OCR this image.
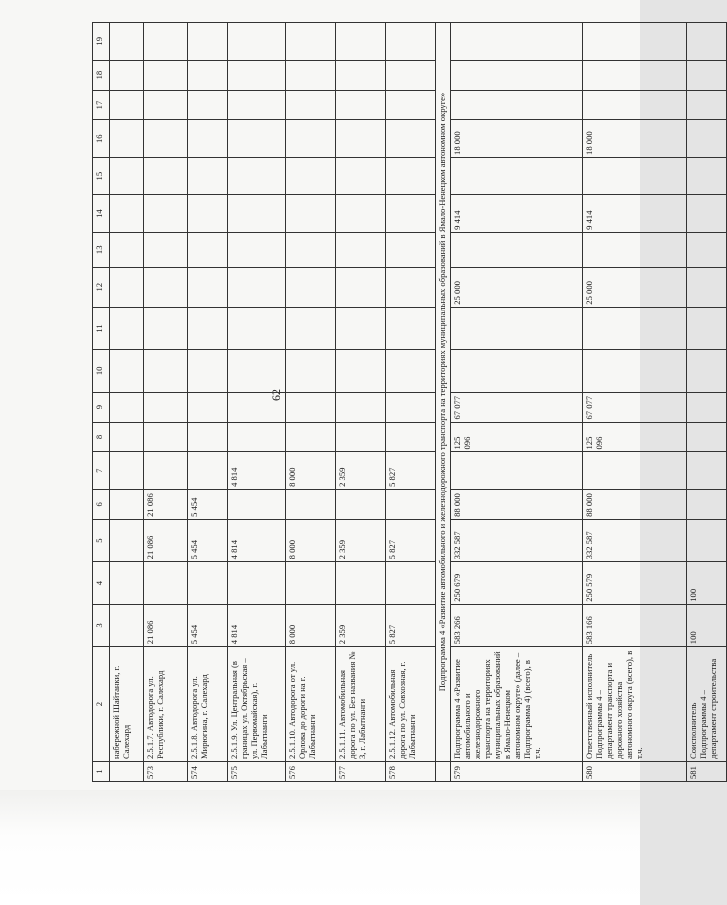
62
1	2	3	4	5	6	7	8	9	10	11	12	13	14	15	16	17	18	19
	набережной Шайтанки, г. Салехард																	
573	2.5.1.7. Автодорога ул. Республики, г. Салехард	21 086		21 086	21 086													
574	2.5.1.8. Автодорога ул. Мирюгина, г. Салехард	5 454		5 454	5 454													
575	2.5.1.9. Ул. Центральная (в границах ул. Октябрьская – ул. Первомайская), г. Лабытнанги	4 814		4 814		4 814												
576	2.5.1.10. Автодорога от ул. Орлова до дороги на г. Лабытнанги	8 000		8 000		8 000												
577	2.5.1.11. Автомобильная дорога по ул. Без названия № 3, г. Лабытнанги	2 359		2 359		2 359												
578	2.5.1.12. Автомобильная дорога по ул. Совхозная, г. Лабытнанги	5 827		5 827		5 827												
	Подпрограмма 4 «Развитие автомобильного и железнодорожного транспорта на территориях муниципальных образований в Ямало-Ненецком автономном округе»																	
579	Подпрограмма 4 «Развитие автомобильного и железнодорожного транспорта на территориях муниципальных образований в Ямало-Ненецком автономном округе» (далее – Подпрограмма 4) (всего), в т.ч.	583 266	250 679	332 587	88 000		125 096	67 077			25 000		9 414		18 000			
580	Ответственный исполнитель Подпрограммы 4 – департамент транспорта и дорожного хозяйства автономного округа (всего), в т.ч.	583 166	250 579	332 587	88 000		125 096	67 077			25 000		9 414		18 000			
581	Соисполнитель Подпрограммы 4 – департамент строительства	100	100															
